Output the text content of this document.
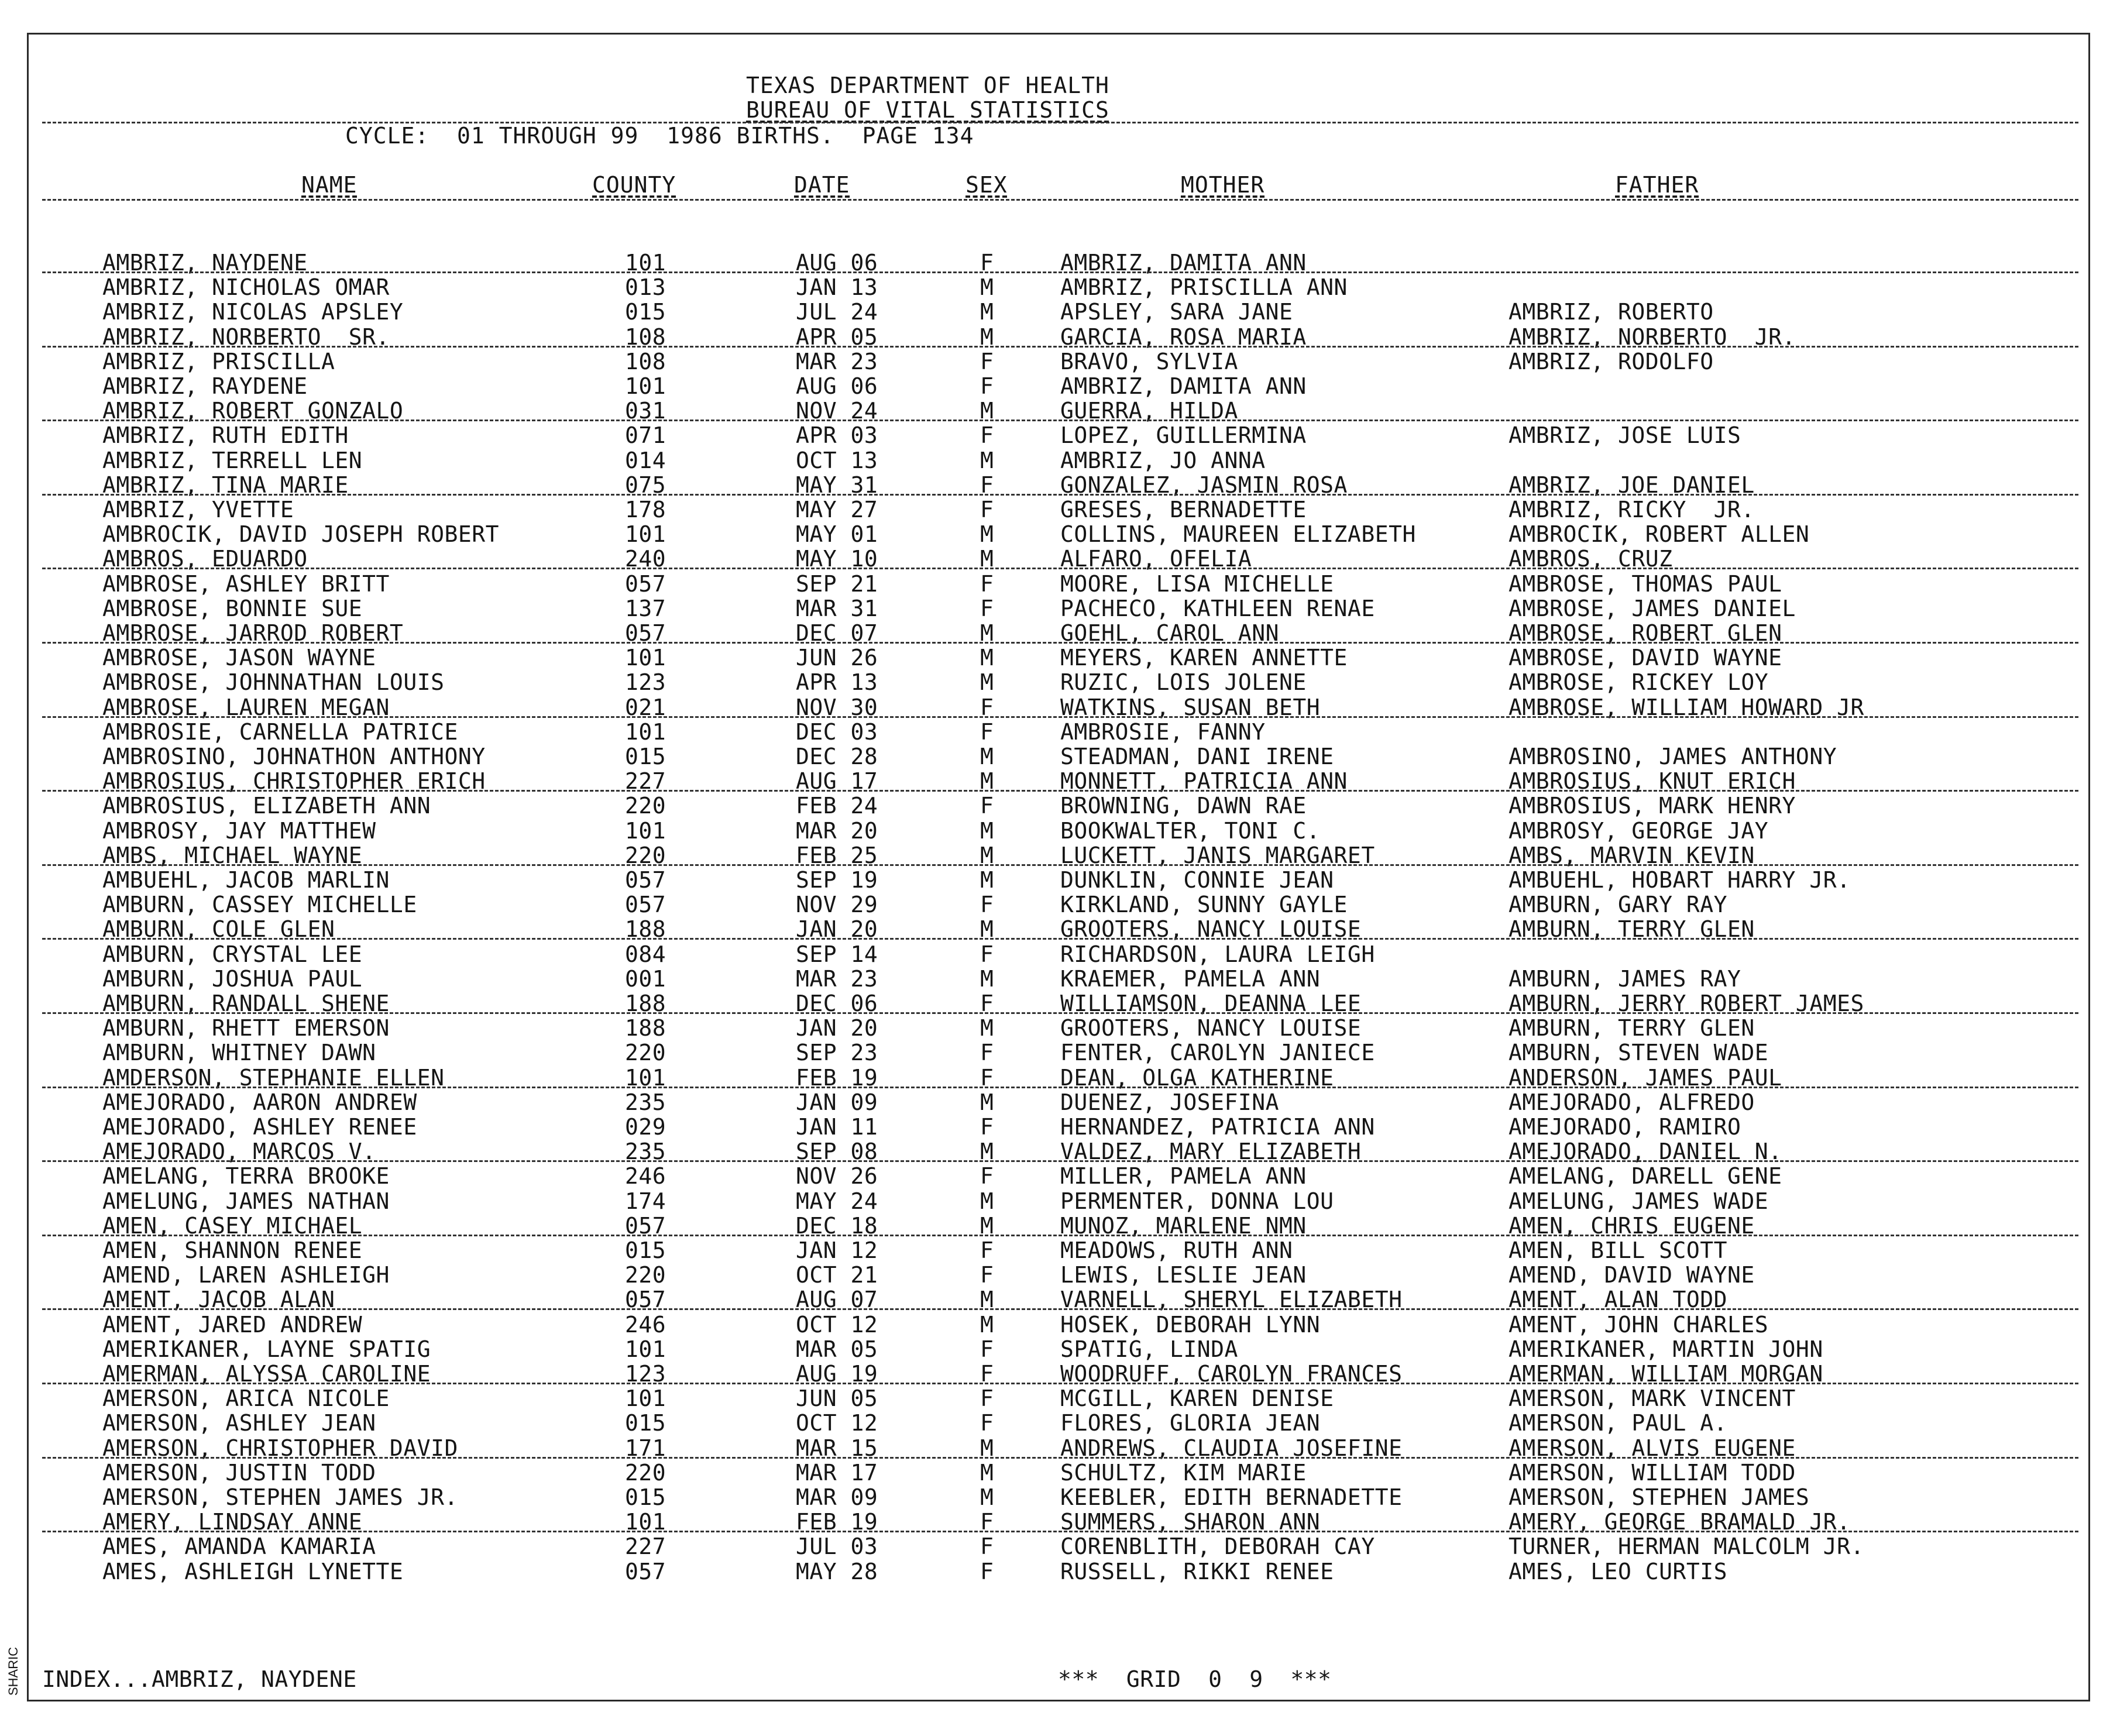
TEXAS DEPARTMENT OF HEALTH
BUREAU OF VITAL STATISTICS
CYCLE:  01 THROUGH 99  1986 BIRTHS.  PAGE 134
NAME	COUNTY	DATE	SEX	MOTHER	FATHER
AMBRIZ, NAYDENE	101	AUG 06	F	AMBRIZ, DAMITA ANN
AMBRIZ, NICHOLAS OMAR	013	JAN 13	M	AMBRIZ, PRISCILLA ANN
AMBRIZ, NICOLAS APSLEY	015	JUL 24	M	APSLEY, SARA JANE	AMBRIZ, ROBERTO
AMBRIZ, NORBERTO  SR.	108	APR 05	M	GARCIA, ROSA MARIA	AMBRIZ, NORBERTO  JR.
AMBRIZ, PRISCILLA	108	MAR 23	F	BRAVO, SYLVIA	AMBRIZ, RODOLFO
AMBRIZ, RAYDENE	101	AUG 06	F	AMBRIZ, DAMITA ANN
AMBRIZ, ROBERT GONZALO	031	NOV 24	M	GUERRA, HILDA
AMBRIZ, RUTH EDITH	071	APR 03	F	LOPEZ, GUILLERMINA	AMBRIZ, JOSE LUIS
AMBRIZ, TERRELL LEN	014	OCT 13	M	AMBRIZ, JO ANNA
AMBRIZ, TINA MARIE	075	MAY 31	F	GONZALEZ, JASMIN ROSA	AMBRIZ, JOE DANIEL
AMBRIZ, YVETTE	178	MAY 27	F	GRESES, BERNADETTE	AMBRIZ, RICKY  JR.
AMBROCIK, DAVID JOSEPH ROBERT	101	MAY 01	M	COLLINS, MAUREEN ELIZABETH	AMBROCIK, ROBERT ALLEN
AMBROS, EDUARDO	240	MAY 10	M	ALFARO, OFELIA	AMBROS, CRUZ
AMBROSE, ASHLEY BRITT	057	SEP 21	F	MOORE, LISA MICHELLE	AMBROSE, THOMAS PAUL
AMBROSE, BONNIE SUE	137	MAR 31	F	PACHECO, KATHLEEN RENAE	AMBROSE, JAMES DANIEL
AMBROSE, JARROD ROBERT	057	DEC 07	M	GOEHL, CAROL ANN	AMBROSE, ROBERT GLEN
AMBROSE, JASON WAYNE	101	JUN 26	M	MEYERS, KAREN ANNETTE	AMBROSE, DAVID WAYNE
AMBROSE, JOHNNATHAN LOUIS	123	APR 13	M	RUZIC, LOIS JOLENE	AMBROSE, RICKEY LOY
AMBROSE, LAUREN MEGAN	021	NOV 30	F	WATKINS, SUSAN BETH	AMBROSE, WILLIAM HOWARD JR
AMBROSIE, CARNELLA PATRICE	101	DEC 03	F	AMBROSIE, FANNY
AMBROSINO, JOHNATHON ANTHONY	015	DEC 28	M	STEADMAN, DANI IRENE	AMBROSINO, JAMES ANTHONY
AMBROSIUS, CHRISTOPHER ERICH	227	AUG 17	M	MONNETT, PATRICIA ANN	AMBROSIUS, KNUT ERICH
AMBROSIUS, ELIZABETH ANN	220	FEB 24	F	BROWNING, DAWN RAE	AMBROSIUS, MARK HENRY
AMBROSY, JAY MATTHEW	101	MAR 20	M	BOOKWALTER, TONI C.	AMBROSY, GEORGE JAY
AMBS, MICHAEL WAYNE	220	FEB 25	M	LUCKETT, JANIS MARGARET	AMBS, MARVIN KEVIN
AMBUEHL, JACOB MARLIN	057	SEP 19	M	DUNKLIN, CONNIE JEAN	AMBUEHL, HOBART HARRY JR.
AMBURN, CASSEY MICHELLE	057	NOV 29	F	KIRKLAND, SUNNY GAYLE	AMBURN, GARY RAY
AMBURN, COLE GLEN	188	JAN 20	M	GROOTERS, NANCY LOUISE	AMBURN, TERRY GLEN
AMBURN, CRYSTAL LEE	084	SEP 14	F	RICHARDSON, LAURA LEIGH
AMBURN, JOSHUA PAUL	001	MAR 23	M	KRAEMER, PAMELA ANN	AMBURN, JAMES RAY
AMBURN, RANDALL SHENE	188	DEC 06	F	WILLIAMSON, DEANNA LEE	AMBURN, JERRY ROBERT JAMES
AMBURN, RHETT EMERSON	188	JAN 20	M	GROOTERS, NANCY LOUISE	AMBURN, TERRY GLEN
AMBURN, WHITNEY DAWN	220	SEP 23	F	FENTER, CAROLYN JANIECE	AMBURN, STEVEN WADE
AMDERSON, STEPHANIE ELLEN	101	FEB 19	F	DEAN, OLGA KATHERINE	ANDERSON, JAMES PAUL
AMEJORADO, AARON ANDREW	235	JAN 09	M	DUENEZ, JOSEFINA	AMEJORADO, ALFREDO
AMEJORADO, ASHLEY RENEE	029	JAN 11	F	HERNANDEZ, PATRICIA ANN	AMEJORADO, RAMIRO
AMEJORADO, MARCOS V.	235	SEP 08	M	VALDEZ, MARY ELIZABETH	AMEJORADO, DANIEL N.
AMELANG, TERRA BROOKE	246	NOV 26	F	MILLER, PAMELA ANN	AMELANG, DARELL GENE
AMELUNG, JAMES NATHAN	174	MAY 24	M	PERMENTER, DONNA LOU	AMELUNG, JAMES WADE
AMEN, CASEY MICHAEL	057	DEC 18	M	MUNOZ, MARLENE NMN	AMEN, CHRIS EUGENE
AMEN, SHANNON RENEE	015	JAN 12	F	MEADOWS, RUTH ANN	AMEN, BILL SCOTT
AMEND, LAREN ASHLEIGH	220	OCT 21	F	LEWIS, LESLIE JEAN	AMEND, DAVID WAYNE
AMENT, JACOB ALAN	057	AUG 07	M	VARNELL, SHERYL ELIZABETH	AMENT, ALAN TODD
AMENT, JARED ANDREW	246	OCT 12	M	HOSEK, DEBORAH LYNN	AMENT, JOHN CHARLES
AMERIKANER, LAYNE SPATIG	101	MAR 05	F	SPATIG, LINDA	AMERIKANER, MARTIN JOHN
AMERMAN, ALYSSA CAROLINE	123	AUG 19	F	WOODRUFF, CAROLYN FRANCES	AMERMAN, WILLIAM MORGAN
AMERSON, ARICA NICOLE	101	JUN 05	F	MCGILL, KAREN DENISE	AMERSON, MARK VINCENT
AMERSON, ASHLEY JEAN	015	OCT 12	F	FLORES, GLORIA JEAN	AMERSON, PAUL A.
AMERSON, CHRISTOPHER DAVID	171	MAR 15	M	ANDREWS, CLAUDIA JOSEFINE	AMERSON, ALVIS EUGENE
AMERSON, JUSTIN TODD	220	MAR 17	M	SCHULTZ, KIM MARIE	AMERSON, WILLIAM TODD
AMERSON, STEPHEN JAMES JR.	015	MAR 09	M	KEEBLER, EDITH BERNADETTE	AMERSON, STEPHEN JAMES
AMERY, LINDSAY ANNE	101	FEB 19	F	SUMMERS, SHARON ANN	AMERY, GEORGE BRAMALD JR.
AMES, AMANDA KAMARIA	227	JUL 03	F	CORENBLITH, DEBORAH CAY	TURNER, HERMAN MALCOLM JR.
AMES, ASHLEIGH LYNETTE	057	MAY 28	F	RUSSELL, RIKKI RENEE	AMES, LEO CURTIS
INDEX...AMBRIZ, NAYDENE	***  GRID  0  9  ***
SHARIC
